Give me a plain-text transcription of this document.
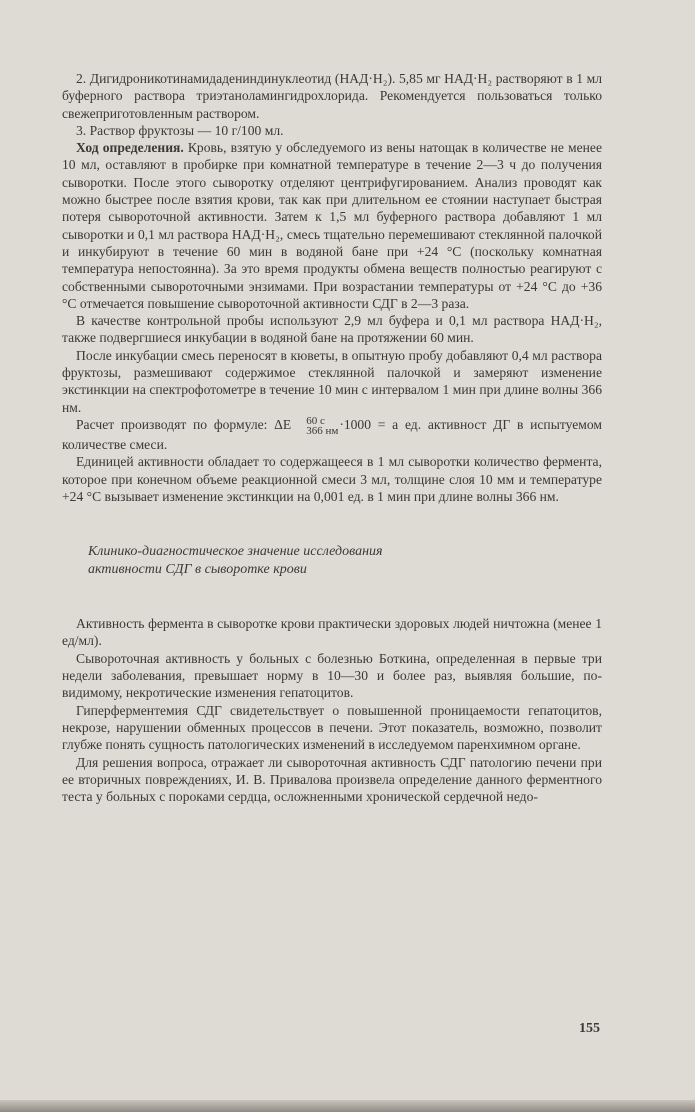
2. Дигидроникотинамидадениндинуклеотид (НАД·Н₂). 5,85 мг НАД·Н₂ растворяют в 1 мл буферного раствора триэтаноламингидрохлорида. Рекомендуется пользоваться только свежеприготовленным раствором.

3. Раствор фруктозы — 10 г/100 мл.

Ход определения. Кровь, взятую у обследуемого из вены натощак в количестве не менее 10 мл, оставляют в пробирке при комнатной температуре в течение 2—3 ч до получения сыворотки. После этого сыворотку отделяют центрифугированием. Анализ проводят как можно быстрее после взятия крови, так как при длительном ее стоянии наступает быстрая потеря сывороточной активности. Затем к 1,5 мл буферного раствора добавляют 1 мл сыворотки и 0,1 мл раствора НАД·Н₂, смесь тщательно перемешивают стеклянной палочкой и инкубируют в течение 60 мин в водяной бане при +24 °С (поскольку комнатная температура непостоянна). За это время продукты обмена веществ полностью реагируют с собственными сывороточными энзимами. При возрастании температуры от +24 °С до +36 °С отмечается повышение сывороточной активности СДГ в 2—3 раза.

В качестве контрольной пробы используют 2,9 мл буфера и 0,1 мл раствора НАД·Н₂, также подвергшиеся инкубации в водяной бане на протяжении 60 мин.

После инкубации смесь переносят в кюветы, в опытную пробу добавляют 0,4 мл раствора фруктозы, размешивают содержимое стеклянной палочкой и замеряют изменение экстинкции на спектрофотометре в течение 10 мин с интервалом 1 мин при длине волны 366 нм.

Расчет производят по формуле: ΔЕ	60 с
366 нм ·1000 = а ед. активност ДГ в испытуемом количестве смеси.

Единицей активности обладает то содержащееся в 1 мл сыворотки количество фермента, которое при конечном объеме реакционной смеси 3 мл, толщине слоя 10 мм и температуре +24 °С вызывает изменение экстинкции на 0,001 ед. в 1 мин при длине волны 366 нм.

Клинико-диагностическое значение исследования
активности СДГ в сыворотке крови

Активность фермента в сыворотке крови практически здоровых людей ничтожна (менее 1 ед/мл).

Сывороточная активность у больных с болезнью Боткина, определенная в первые три недели заболевания, превышает норму в 10—30 и более раз, выявляя большие, по-видимому, некротические изменения гепатоцитов.

Гиперферментемия СДГ свидетельствует о повышенной проницаемости гепатоцитов, некрозе, нарушении обменных процессов в печени. Этот показатель, возможно, позволит глубже понять сущность патологических изменений в исследуемом паренхимном органе.

Для решения вопроса, отражает ли сывороточная активность СДГ патологию печени при ее вторичных повреждениях, И. В. Привалова произвела определение данного ферментного теста у больных с пороками сердца, осложненными хронической сердечной недо-

155
